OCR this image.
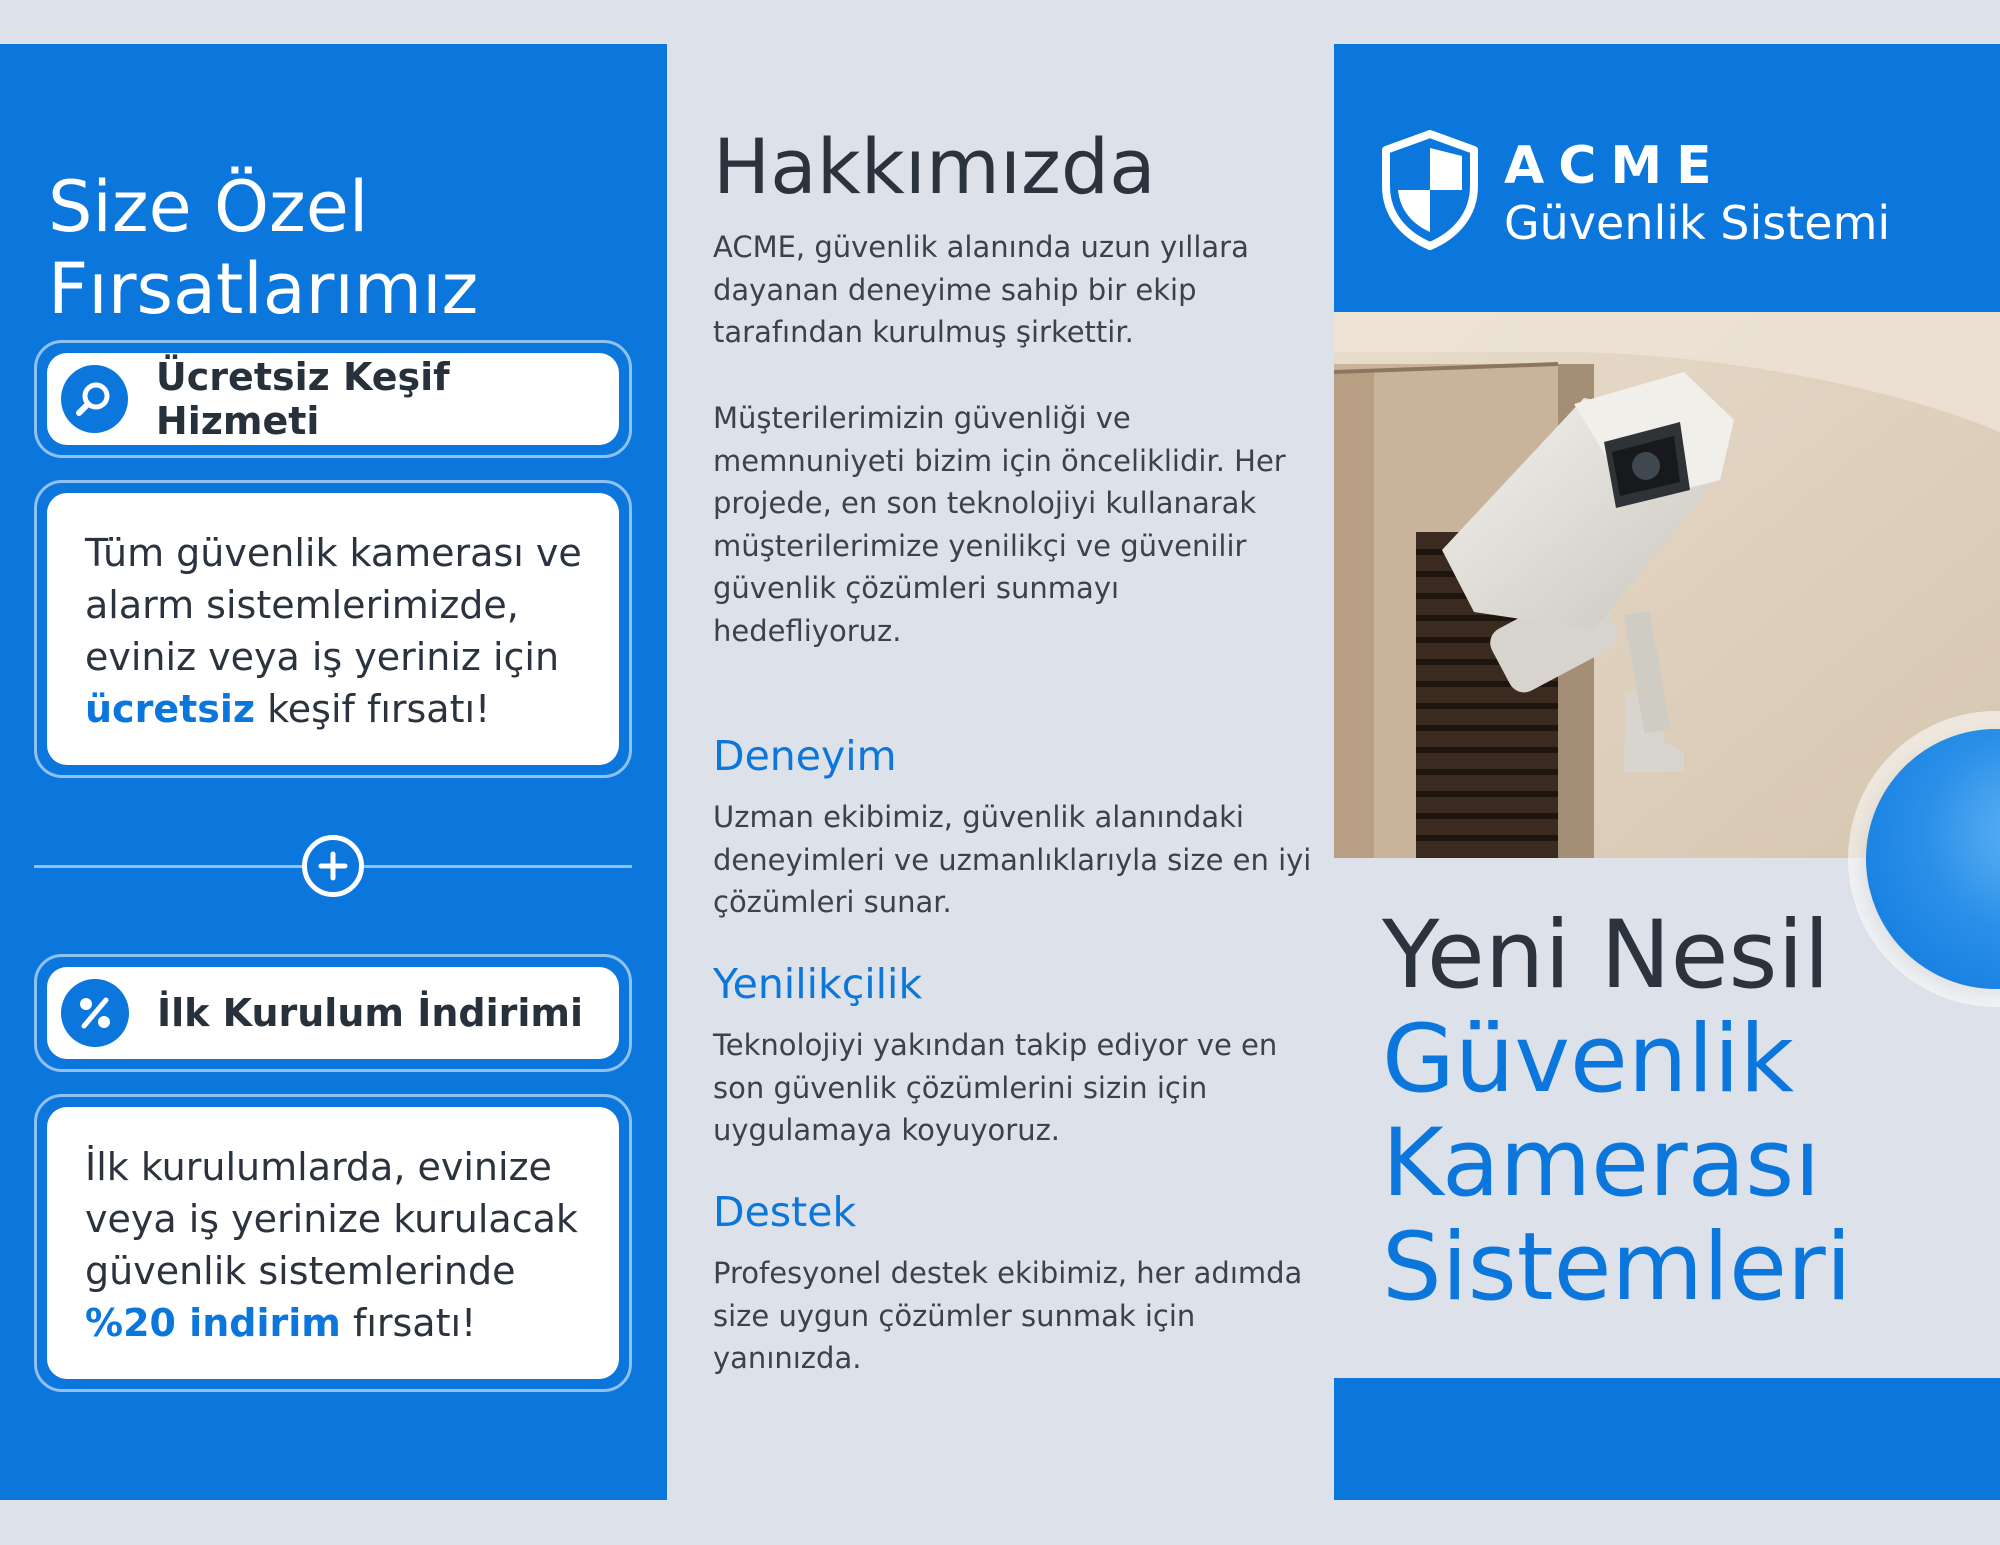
Size Özel
Fırsatlarımız
Ücretsiz Keşif Hizmeti
Tüm güvenlik kamerası ve alarm sistemlerimizde, eviniz veya iş yeriniz için ücretsiz keşif fırsatı!
İlk Kurulum İndirimi
İlk kurulumlarda, evinize veya iş yerinize kurulacak güvenlik sistemlerinde %20 indirim fırsatı!
Hakkımızda

ACME, güvenlik alanında uzun yıllara dayanan deneyime sahip bir ekip tarafından kurulmuş şirkettir.

Müşterilerimizin güvenliği ve memnuniyeti bizim için önceliklidir. Her projede, en son teknolojiyi kullanarak müşterilerimize yenilikçi ve güvenilir güvenlik çözümleri sunmayı hedefliyoruz.

Deneyim

Uzman ekibimiz, güvenlik alanındaki deneyimleri ve uzmanlıklarıyla size en iyi çözümleri sunar.

Yenilikçilik

Teknolojiyi yakından takip ediyor ve en son güvenlik çözümlerini sizin için uygulamaya koyuyoruz.

Destek

Profesyonel destek ekibimiz, her adımda size uygun çözümler sunmak için yanınızda.

ACME
Güvenlik Sistemi
Yeni Nesil
Güvenlik
Kamerası
Sistemleri
